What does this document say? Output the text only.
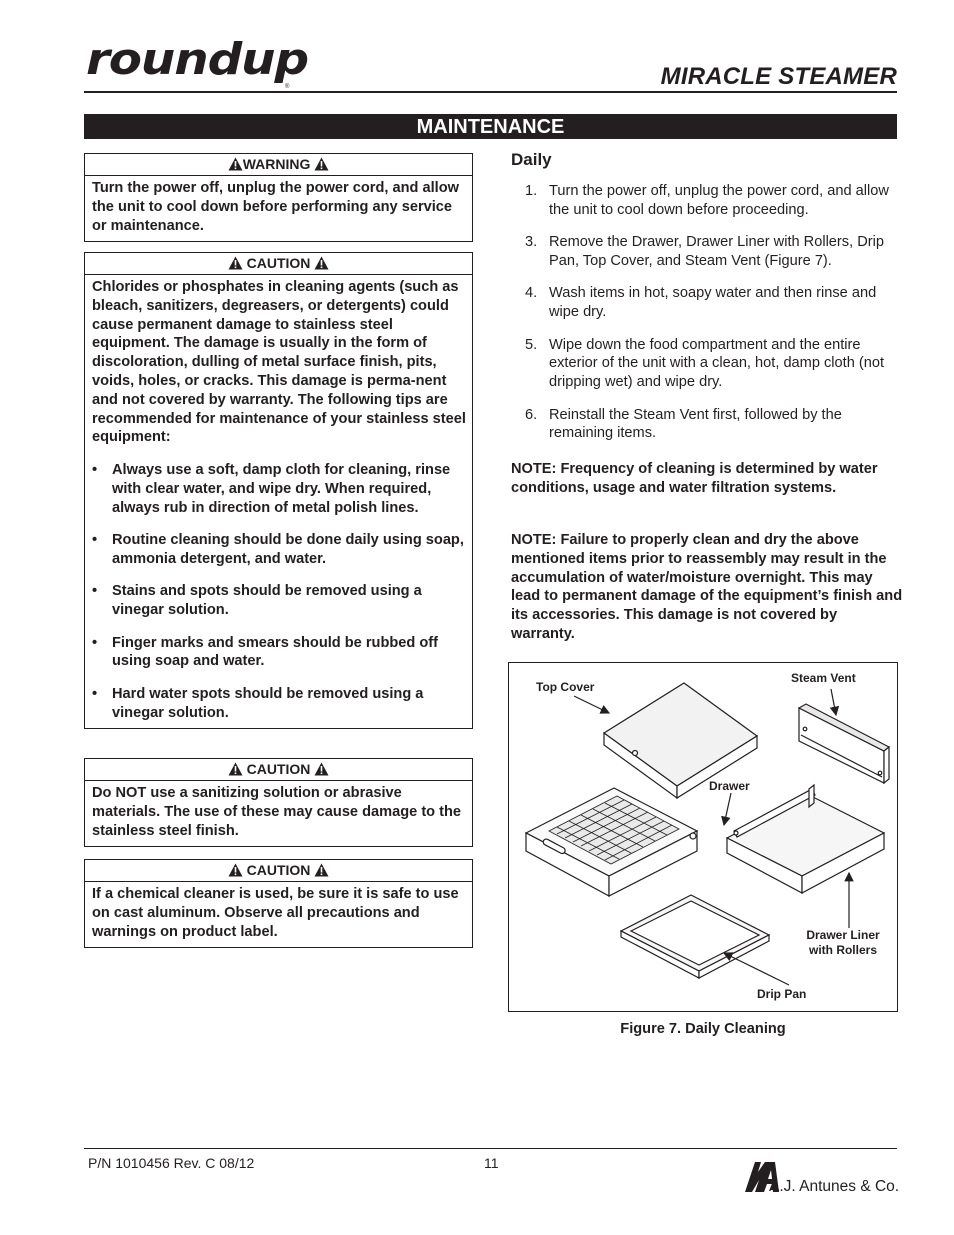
roundup
®	MIRACLE STEAMER
MAINTENANCE
WARNING

Turn the power off, unplug the power cord, and allow the unit to cool down before performing any service or maintenance.

CAUTION

Chlorides or phosphates in cleaning agents (such as bleach, sanitizers, degreasers, or detergents) could cause permanent damage to stainless steel equipment. The damage is usually in the form of discoloration, dulling of metal surface finish, pits, voids, holes, or cracks. This damage is perma-nent and not covered by warranty. The following tips are recommended for maintenance of your stainless steel equipment:

• Always use a soft, damp cloth for cleaning, rinse with clear water, and wipe dry. When required, always rub in direction of metal polish lines.
• Routine cleaning should be done daily using soap, ammonia detergent, and water.
• Stains and spots should be removed using a vinegar solution.
• Finger marks and smears should be rubbed off using soap and water.
• Hard water spots should be removed using a vinegar solution.
CAUTION

Do NOT use a sanitizing solution or abrasive materials. The use of these may cause damage to the stainless steel finish.

CAUTION

If a chemical cleaner is used, be sure it is safe to use on cast aluminum. Observe all precautions and warnings on product label.

Daily
1. Turn the power off, unplug the power cord, and allow the unit to cool down before proceeding.
3. Remove the Drawer, Drawer Liner with Rollers, Drip Pan, Top Cover, and Steam Vent (Figure 7).
4. Wash items in hot, soapy water and then rinse and wipe dry.
5. Wipe down the food compartment and the entire exterior of the unit with a clean, hot, damp cloth (not dripping wet) and wipe dry.
6. Reinstall the Steam Vent first, followed by the remaining items.
NOTE: Frequency of cleaning is determined by water conditions, usage and water filtration systems.
NOTE: Failure to properly clean and dry the above mentioned items prior to reassembly may result in the accumulation of water/moisture overnight. This may lead to permanent damage of the equipment’s finish and its accessories. This damage is not covered by warranty.
Top Cover
Steam Vent
Drawer
Drawer Liner
with Rollers
Drip Pan
Figure 7. Daily Cleaning
P/N 1010456 Rev. C 08/12	11
A.J. Antunes & Co.
